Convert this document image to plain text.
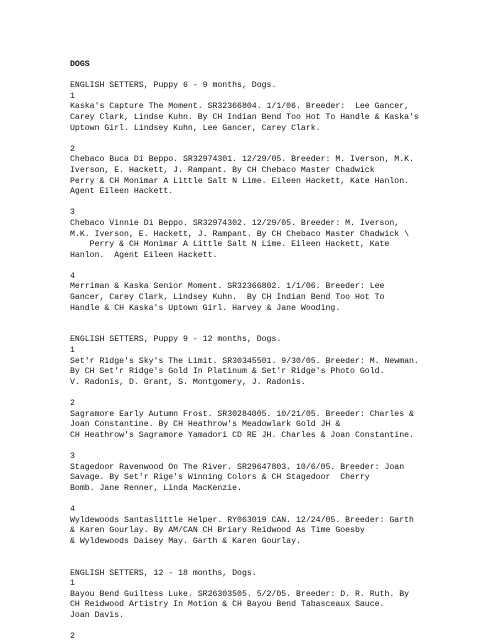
DOGS
ENGLISH SETTERS, Puppy 6 - 9 months, Dogs.
1
Kaska's Capture The Moment. SR32366804. 1/1/06. Breeder:  Lee Gancer,
Carey Clark, Lindse Kuhn. By CH Indian Bend Too Hot To Handle & Kaska's
Uptown Girl. Lindsey Kuhn, Lee Gancer, Carey Clark.
2
Chebaco Buca Di Beppo. SR32974301. 12/29/05. Breeder: M. Iverson, M.K.
Iverson, E. Hackett, J. Rampant. By CH Chebaco Master Chadwick
Perry & CH Monimar A Little Salt N Lime. Eileen Hackett, Kate Hanlon.
Agent Eileen Hackett.
3
Chebaco Vinnie Di Beppo. SR32974302. 12/29/05. Breeder: M. Iverson,
M.K. Iverson, E. Hackett, J. Rampant. By CH Chebaco Master Chadwick \
Perry & CH Monimar A Little Salt N Lime. Eileen Hackett, Kate
Hanlon.  Agent Eileen Hackett.
4
Merriman & Kaska Senior Moment. SR32366802. 1/1/06. Breeder: Lee
Gancer, Carey Clark, Lindsey Kuhn.  By CH Indian Bend Too Hot To
Handle & CH Kaska's Uptown Girl. Harvey & Jane Wooding.
ENGLISH SETTERS, Puppy 9 - 12 months, Dogs.
1
Set'r Ridge's Sky's The Limit. SR30345501. 9/30/05. Breeder: M. Newman.
By CH Set'r Ridge's Gold In Platinum & Set'r Ridge's Photo Gold.
V. Radonis, D. Grant, S. Montgomery, J. Radonis.
2
Sagramore Early Autumn Frost. SR30284005. 10/21/05. Breeder: Charles &
Joan Constantine. By CH Heathrow's Meadowlark Gold JH &
CH Heathrow's Sagramore Yamadori CD RE JH. Charles & Joan Constantine.
3
Stagedoor Ravenwood On The River. SR29647803. 10/6/05. Breeder: Joan
Savage. By Set'r Rige's Winning Colors & CH Stagedoor  Cherry
Bomb. Jane Renner, Linda MacKenzie.
4
Wyldewoods Santaslittle Helper. RY063019 CAN. 12/24/05. Breeder: Garth
& Karen Gourlay. By AM/CAN CH Briary Reidwood As Time Goesby
& Wyldewoods Daisey May. Garth & Karen Gourlay.
ENGLISH SETTERS, 12 - 18 months, Dogs.
1
Bayou Bend Guiltess Luke. SR26303505. 5/2/05. Breeder: D. R. Ruth. By
CH Reidwood Artistry In Motion & CH Bayou Bend Tabasceaux Sauce.
Joan Davis.
2
